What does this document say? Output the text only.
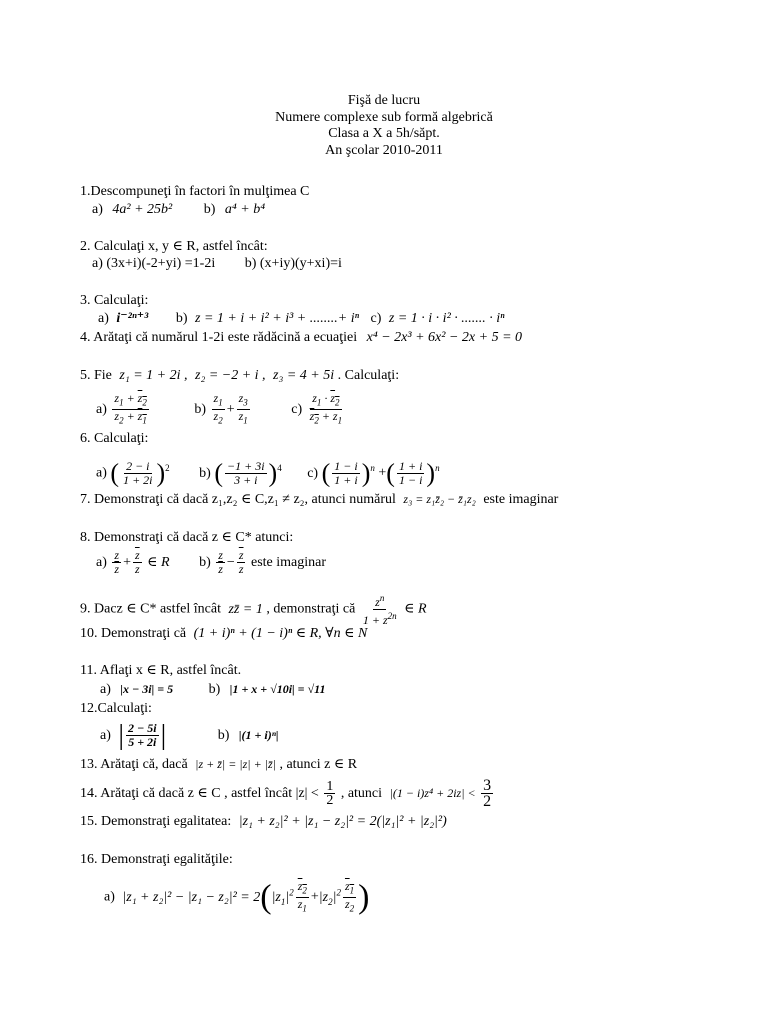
Fişă de lucru
Numere complexe sub formă algebrică
Clasa a X a 5h/săpt.
An şcolar 2010-2011
1.Descompuneţi în factori în mulţimea C
a) 4a² + 25b² b) a⁴ + b⁴
2. Calculaţi x, y ∈ R, astfel încât:
a) (3x+i)(-2+yi) =1-2i b) (x+iy)(y+xi)=i
3. Calculaţi:
a) i⁻²ⁿ⁺³ b) z = 1 + i + i² + i³ + ........+ iⁿ c) z = 1 · i · i² · ....... · iⁿ
4. Arătaţi că numărul 1-2i este rădăcină a ecuaţiei x⁴ − 2x³ + 6x² − 2x + 5 = 0
5. Fie z₁ = 1 + 2i , z₂ = −2 + i , z₃ = 4 + 5i . Calculaţi:
$a) \frac{z_1 + z_2}{z_2 + z_1}$	$b) \frac{z_1}{z_2} + \frac{z_3}{z_1}$	$c) \frac{z_1 \cdot z_2}{z_2 + z_1}$
6. Calculaţi:
a) ( $\frac{2 - i}{1 + 2i} )^2$ b) ( $\frac{-1 + 3i}{3 + i} )^4$ c) ( $\frac{1 - i}{1 + i} )^n$ +( $\frac{1 + i}{1 - i} )^n$
7. Demonstraţi că dacă z₁,z₂ ∈ C,z₁ ≠ z₂, atunci numărul z₃ = z₁z̄₂ − z̄₁z₂ este imaginar
8. Demonstraţi că dacă z ∈ C* atunci:
$a) \frac{z}{z} + \frac{\overline{z}}{z}$ ∈ R $b) \frac{z}{z} - \frac{\overline{z}}{z}$ este imaginar
9. Dacz ∈ C* astfel încât zz̄ = 1 , demonstraţi că $\frac{z^n}{1 + z^{2n}}$ ∈ R
10. Demonstraţi că (1 + i)ⁿ + (1 − i)ⁿ ∈ R, ∀n ∈ N
11. Aflaţi x ∈ R, astfel încât.
a) |x − 3i| = 5	b) |1 + x + √10i| = √11
12.Calculaţi:
a) | $\frac{2 - 5i}{5 + 2i}$ |	b) |(1 + i)ⁿ|
13. Arătaţi că, dacă |z + z̄| = |z| + |z̄| , atunci z ∈ R
14. Arătaţi că dacă z ∈ C , astfel încât $|z| < \frac{1}{2}$ , atunci $|(1 - i)z^4 + 2iz| < \frac{3}{2}$
15. Demonstraţi egalitatea: |z₁ + z₂|² + |z₁ − z₂|² = 2(|z₁|² + |z₂|²)
16. Demonstraţi egalităţile:
a) $|z_1 + z_2|^2 - |z_1 - z_2|^2 = 2(|z_1|^2 \frac{z_2}{z_1} +|z_2|^2 \frac{z_1}{z_2}$ )
